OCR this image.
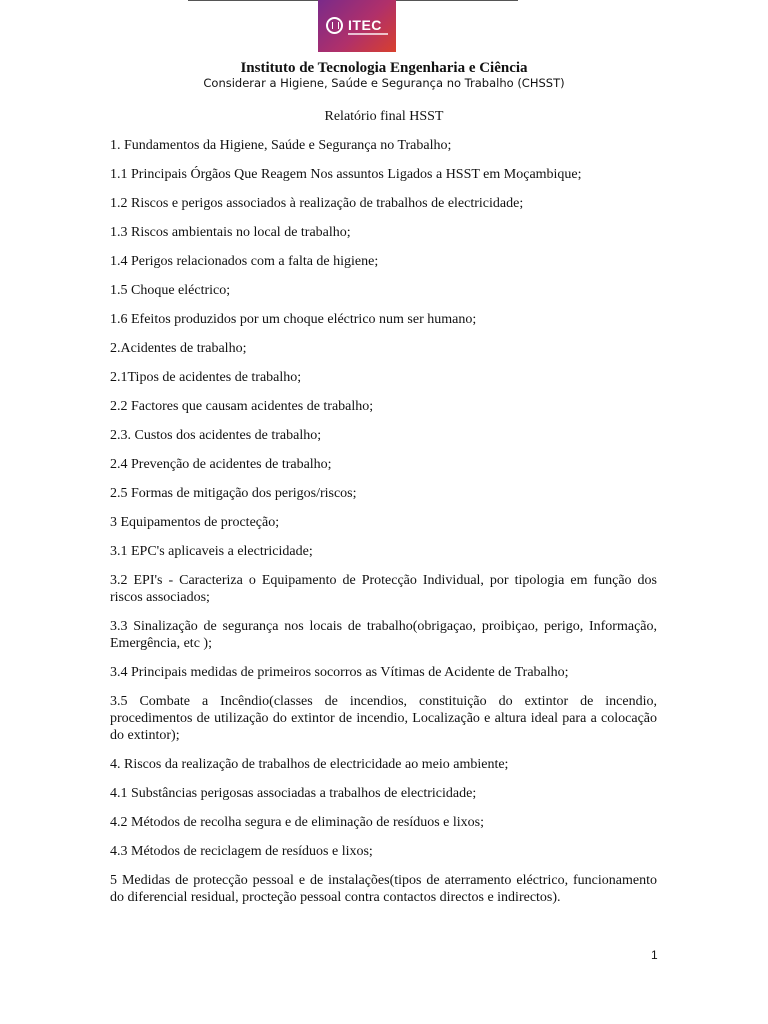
ITEC
Instituto de Tecnologia Engenharia e Ciência
Considerar a Higiene, Saúde e Segurança no Trabalho (CHSST)
Relatório final HSST

1. Fundamentos da Higiene, Saúde e Segurança no Trabalho;

1.1 Principais Órgãos Que Reagem Nos assuntos Ligados a HSST em Moçambique;

1.2 Riscos e perigos associados à realização de trabalhos de electricidade;

1.3 Riscos ambientais no local de trabalho;

1.4 Perigos relacionados com a falta de higiene;

1.5 Choque eléctrico;

1.6 Efeitos produzidos por um choque eléctrico num ser humano;

2.Acidentes de trabalho;

2.1Tipos de acidentes de trabalho;

2.2 Factores que causam acidentes de trabalho;

2.3. Custos dos acidentes de trabalho;

2.4 Prevenção de acidentes de trabalho;

2.5 Formas de mitigação dos perigos/riscos;

3 Equipamentos de procteção;

3.1 EPC's aplicaveis a electricidade;

3.2 EPI's - Caracteriza o Equipamento de Protecção Individual, por tipologia em função dos riscos associados;

3.3 Sinalização de segurança nos locais de trabalho(obrigaçao, proibiçao, perigo, Informação, Emergência, etc );

3.4 Principais medidas de primeiros socorros as Vítimas de Acidente de Trabalho;

3.5 Combate a Incêndio(classes de incendios, constituição do extintor de incendio, procedimentos de utilização do extintor de incendio, Localização e altura ideal para a colocação do extintor);

4. Riscos da realização de trabalhos de electricidade ao meio ambiente;

4.1 Substâncias perigosas associadas a trabalhos de electricidade;

4.2 Métodos de recolha segura e de eliminação de resíduos e lixos;

4.3 Métodos de reciclagem de resíduos e lixos;

5 Medidas de protecção pessoal e de instalações(tipos de aterramento eléctrico, funcionamento do diferencial residual, procteção pessoal contra contactos directos e indirectos).

1
